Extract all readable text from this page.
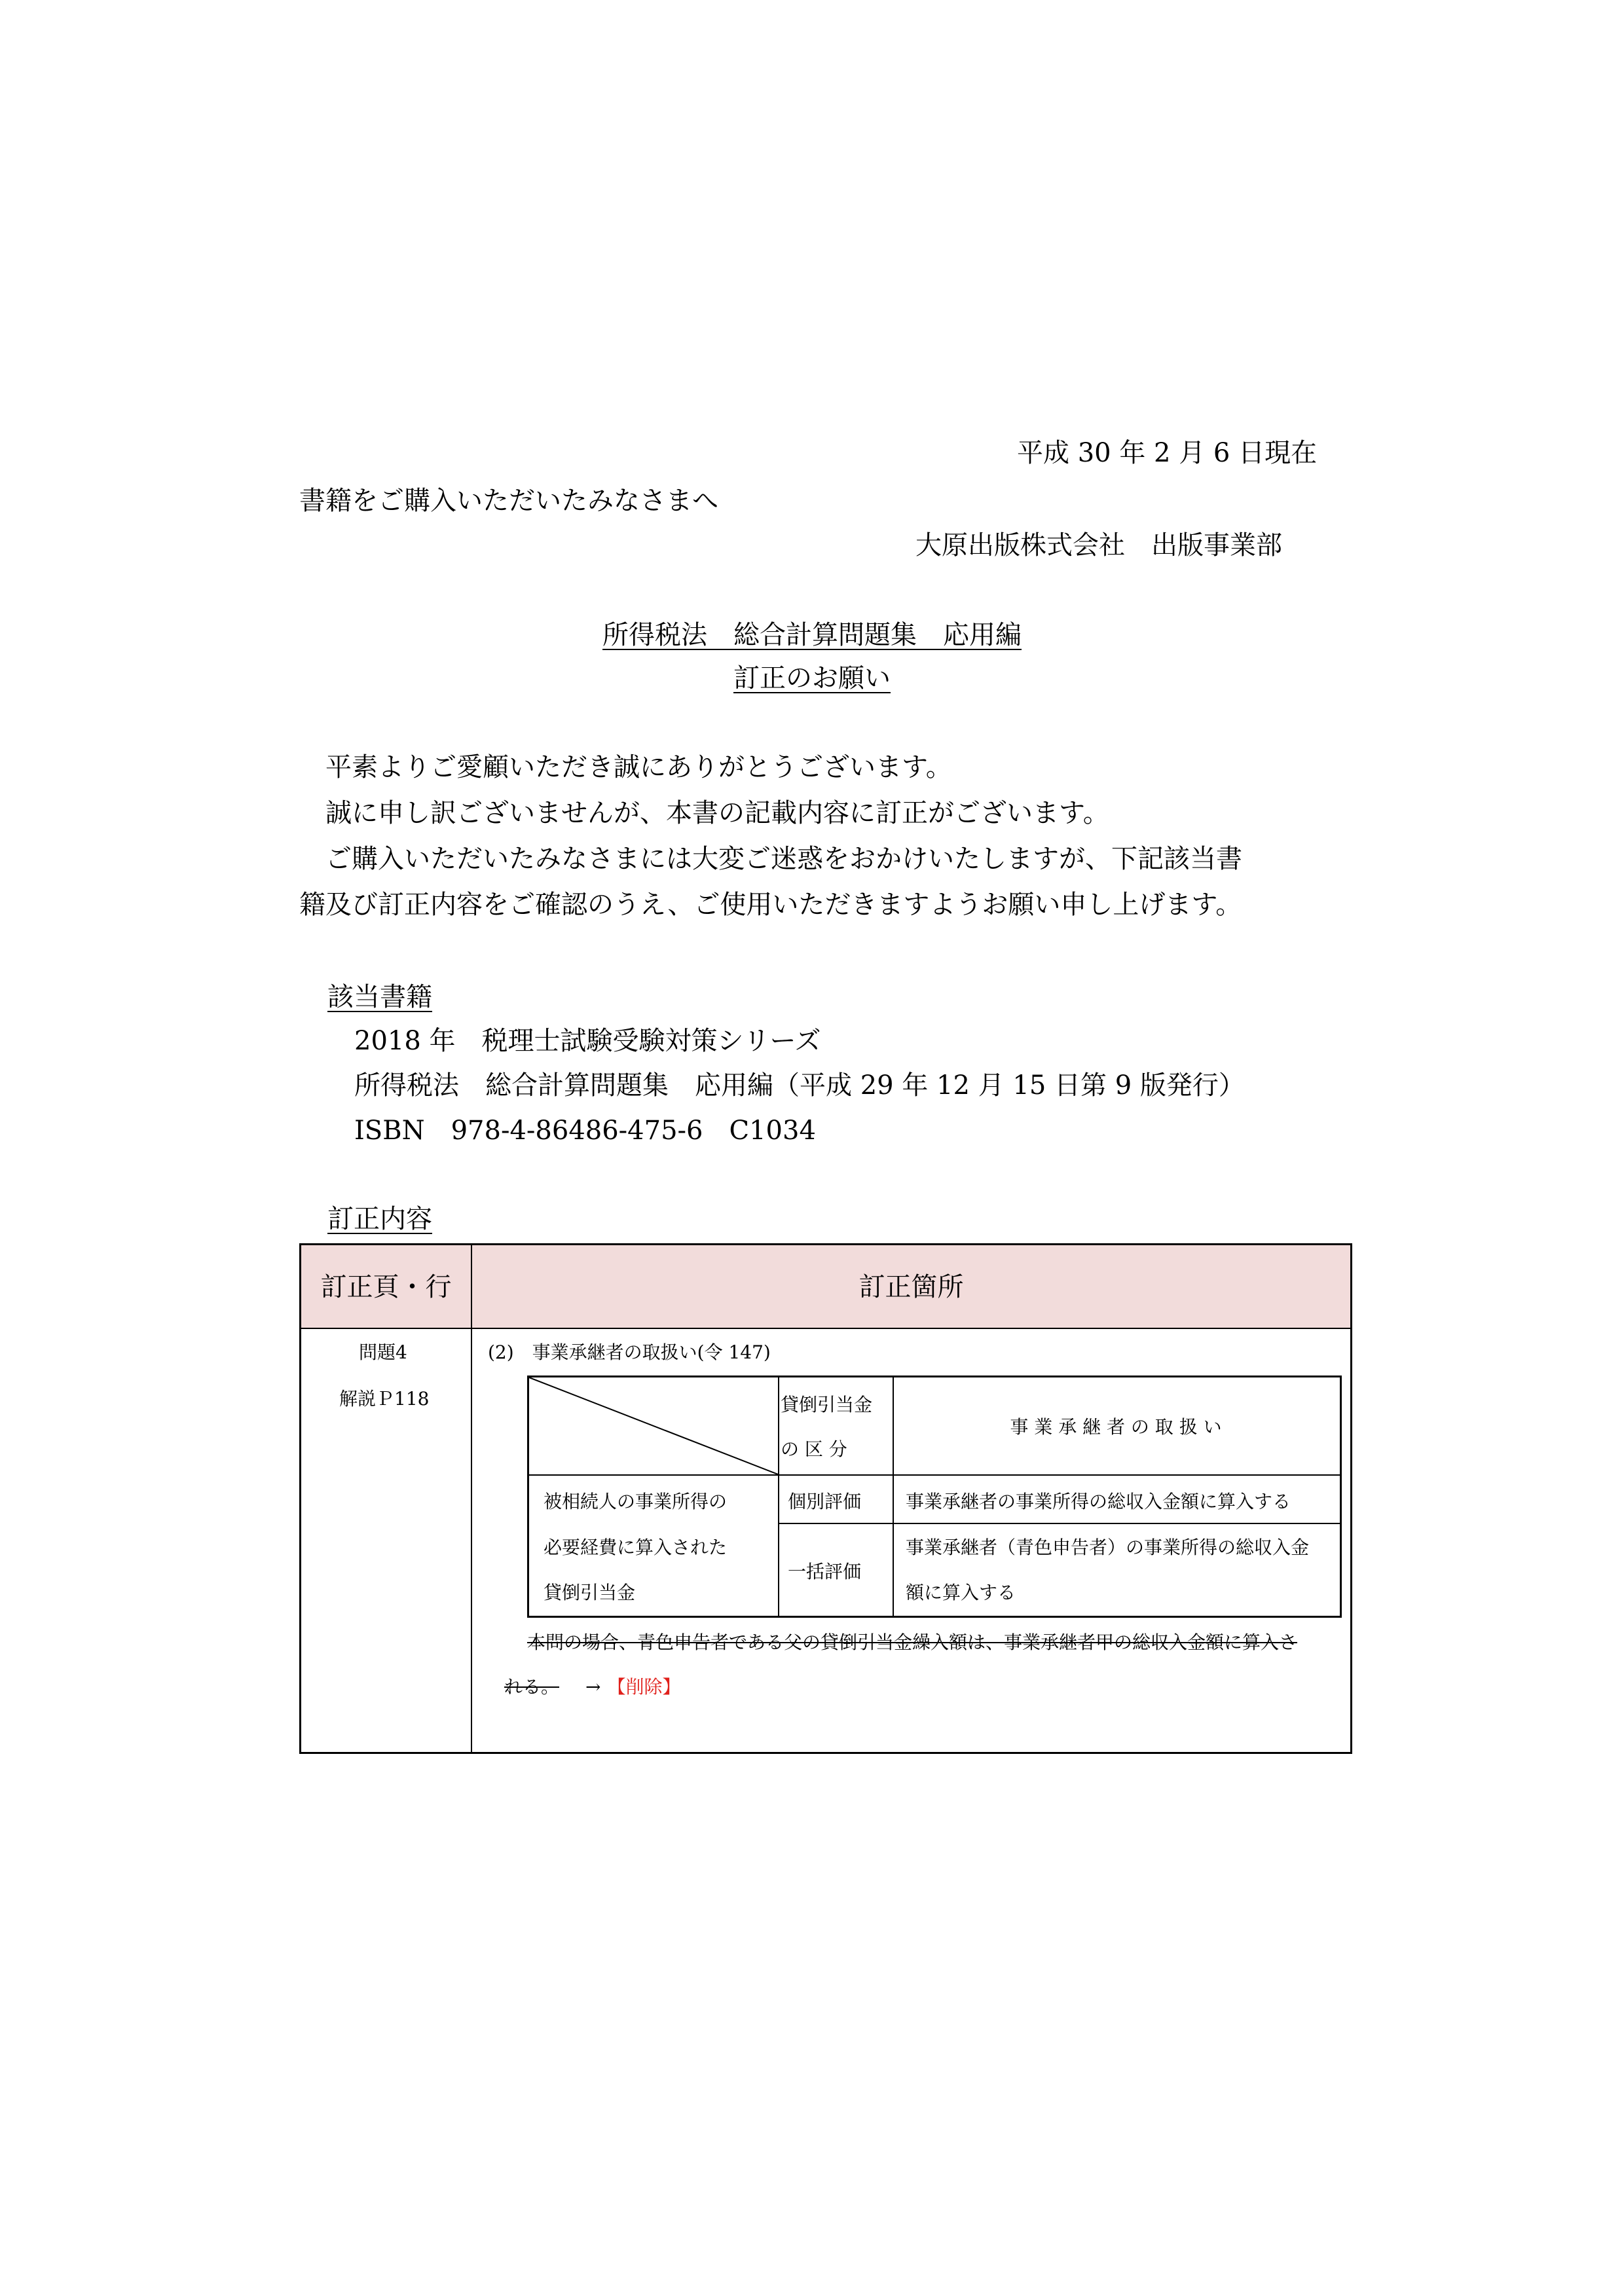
平成 30 年 2 月 6 日現在
書籍をご購入いただいたみなさまへ
大原出版株式会社　出版事業部
所得税法　総合計算問題集　応用編
訂正のお願い
平素よりご愛顧いただき誠にありがとうございます。
誠に申し訳ございませんが、本書の記載内容に訂正がございます。
ご購入いただいたみなさまには大変ご迷惑をおかけいたしますが、下記該当書
籍及び訂正内容をご確認のうえ、ご使用いただきますようお願い申し上げます。
該当書籍
2018 年　税理士試験受験対策シリーズ
所得税法　総合計算問題集　応用編（平成 29 年 12 月 15 日第 9 版発行）
ISBN　978-4-86486-475-6　C1034
訂正内容
訂正頁・行	訂正箇所
問題4
解説Ｐ118
(2)　事業承継者の取扱い(令 147)
貸倒引当金
の 区 分
事 業 承 継 者 の 取 扱 い
被相続人の事業所得の
必要経費に算入された
貸倒引当金
個別評価 事業承継者の事業所得の総収入金額に算入する
一括評価
事業承継者（青色申告者）の事業所得の総収入金
額に算入する
本問の場合、青色申告者である父の貸倒引当金繰入額は、事業承継者甲の総収入金額に算入さ
れる。 → 【削除】
